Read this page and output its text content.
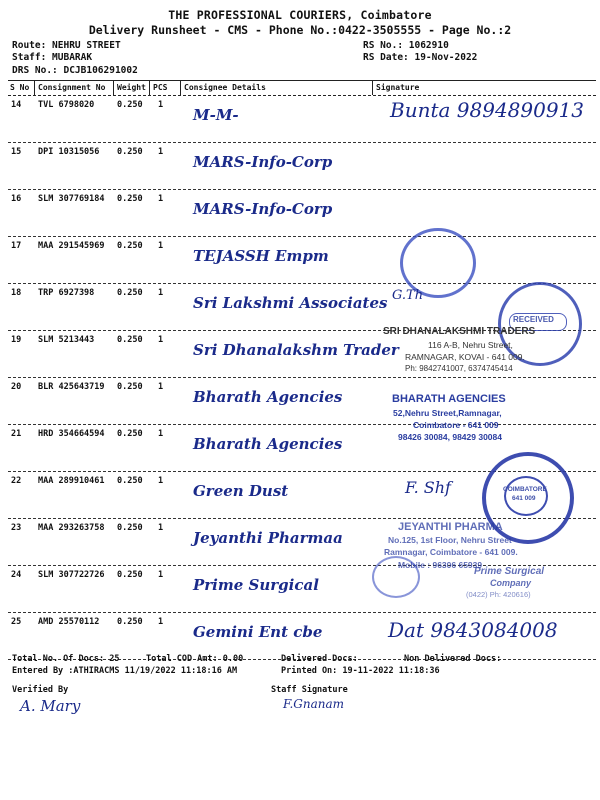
THE PROFESSIONAL COURIERS, Coimbatore
Delivery Runsheet - CMS - Phone No.:0422-3505555 - Page No.:2
Route: NEHRU STREET
Staff: MUBARAK
DRS No.: DCJB106291002
RS No.: 1062910
RS Date: 19-Nov-2022
S No Consignment No Weight PCS Consignee Details	Signature
14 TVL 6798020	0.250 1
M-M-
15 DPI 10315056 0.250 1
MARS-Info-Corp
16 SLM 307769184 0.250 1
MARS-Info-Corp
17 MAA 291545969 0.250 1
TEJASSH Empm
18 TRP 6927398	0.250 1
Sri Lakshmi Associates
19 SLM 5213443	0.250 1
Sri Dhanalakshm Trader
20 BLR 425643719 0.250 1
Bharath Agencies
21 HRD 354664594 0.250 1
Bharath Agencies
22 MAA 289910461 0.250 1
Green Dust
23 MAA 293263758 0.250 1
Jeyanthi Pharmaa
24 SLM 307722726 0.250 1
Prime Surgical
25 AMD 25570112 0.250 1
Gemini Ent cbe
RECEIVED
SRI DHANALAKSHMI TRADERS
116 A-B, Nehru Street,
RAMNAGAR, KOVAI - 641 009.
Ph: 9842741007, 6374745414
BHARATH AGENCIES
52,Nehru Street,Ramnagar,
Coimbatore - 641 009
98426 30084, 98429 30084
COIMBATORE
641 009
JEYANTHI PHARMA
No.125, 1st Floor, Nehru Street
Ramnagar, Coimbatore - 641 009.
Mobile : 96306 65939
Prime Surgical
Company
(0422) Ph: 420616)
Bunta 9894890913
G.Th
F. Shf
Dat 9843084008
Total No. Of Docs: 25	Total COD Amt: 0.00	Delivered Docs:	Non Delivered Docs:
Entered By :ATHIRACMS 11/19/2022 11:18:16 AM	Printed On: 19-11-2022 11:18:36
Verified By	Staff Signature
A. Mary	F.Gnanam
